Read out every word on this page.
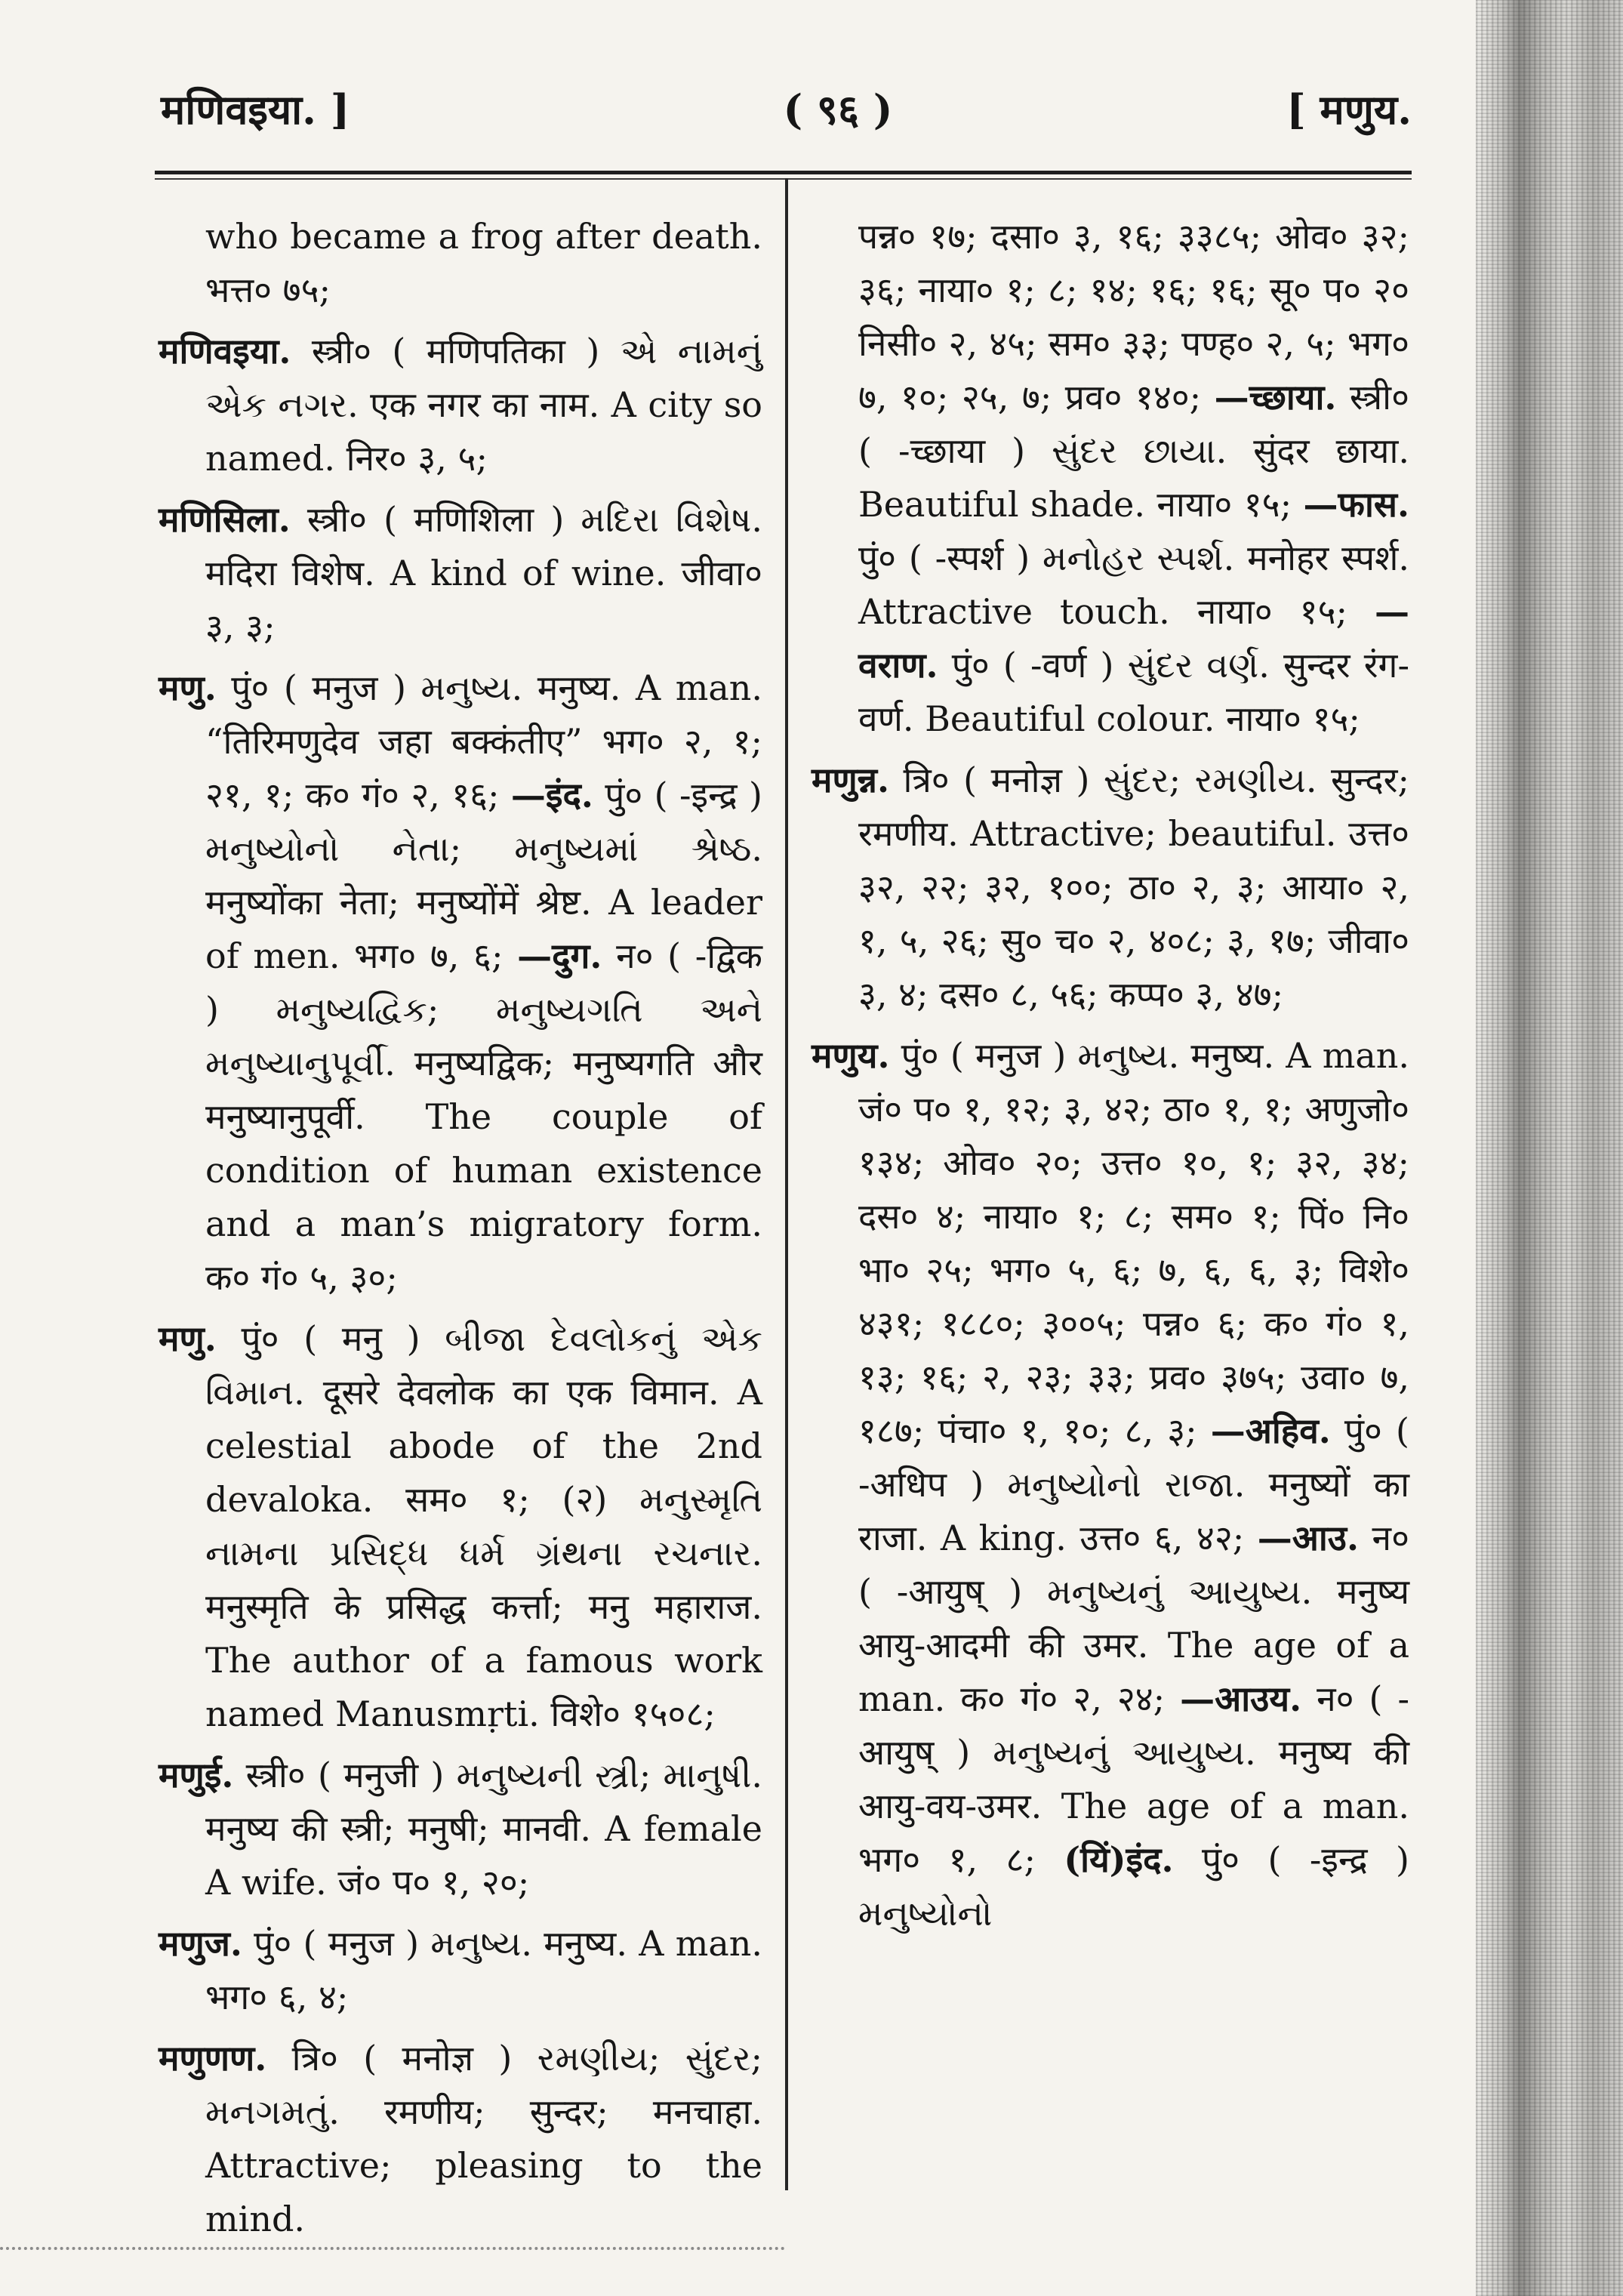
मणिवइया. ]	( ९६ )	[ मणुय.
who became a frog after death. भत्त० ७५;
मणिवइया. स्त्री० ( मणिपतिका ) એ નામનું એક નગર. एक नगर का नाम. A city so named. निर० ३, ५;
मणिसिला. स्त्री० ( मणिशिला ) મદિરા વિશેષ. मदिरा विशेष. A kind of wine. जीवा० ३, ३;
मणु. पुं० ( मनुज ) મનુષ્ય. मनुष्य. A man. “तिरिमणुदेव जहा बक्कंतीए” भग० २, १; २१, १; क० गं० २, १६; —इंद. पुं० ( -इन्द्र ) મનુષ્યોનો નેતા; મનુષ્યમાં શ્રેષ્ઠ. मनुष्योंका नेता; मनुष्योंमें श्रेष्ट. A leader of men. भग० ७, ६; —दुग. न० ( -द्विक ) મનુષ્યદ્વિક; મનુષ્યગતિ અને મનુષ્યાનુપૂર્વી. मनुष्यद्विक; मनुष्यगति और मनुष्यानुपूर्वी. The couple of condition of human existence and a man’s migratory form. क० गं० ५, ३०;
मणु. पुं० ( मनु ) બીજા દેવલોકનું એક વિમાન. दूसरे देवलोक का एक विमान. A celestial abode of the 2nd devaloka. सम० १; (२) મનુસ્મૃતિ નામના પ્રસિદ્ધ ધર્મ ગ્રંથના રચનાર. मनुस्मृति के प्रसिद्ध कर्त्ता; मनु महाराज. The author of a famous work named Manusmṛti. विशे० १५०८;
मणुई. स्त्री० ( मनुजी ) મનુષ્યની સ્ત્રી; માનુષી. मनुष्य की स्त्री; मनुषी; मानवी. A female A wife. जं० प० १, २०;
मणुज. पुं० ( मनुज ) મનુષ્ય. मनुष्य. A man. भग० ६, ४;
मणुणण. त्रि० ( मनोज्ञ ) રમણીય; સુંદર; મનગમતું. रमणीय; सुन्दर; मनचाहा. Attractive; pleasing to the mind.
पन्न० १७; दसा० ३, १६; ३३८५; ओव० ३२; ३६; नाया० १; ८; १४; १६; १६; सू० प० २० निसी० २, ४५; सम० ३३; पण्ह० २, ५; भग० ७, १०; २५, ७; प्रव० १४०; —च्छाया. स्त्री० ( -च्छाया ) સુંદર છાયા. सुंदर छाया. Beautiful shade. नाया० १५; —फास. पुं० ( -स्पर्श ) મનોહર સ્પર્શ. मनोहर स्पर्श. Attractive touch. नाया० १५; —वराण. पुं० ( -वर्ण ) સુંદર વર્ણ. सुन्दर रंग-वर्ण. Beautiful colour. नाया० १५;
मणुन्न. त्रि० ( मनोज्ञ ) સુંદર; રમણીય. सुन्दर; रमणीय. Attractive; beautiful. उत्त० ३२, २२; ३२, १००; ठा० २, ३; आया० २, १, ५, २६; सु० च० २, ४०८; ३, १७; जीवा० ३, ४; दस० ८, ५६; कप्प० ३, ४७;
मणुय. पुं० ( मनुज ) મનુષ્ય. मनुष्य. A man. जं० प० १, १२; ३, ४२; ठा० १, १; अणुजो० १३४; ओव० २०; उत्त० १०, १; ३२, ३४; दस० ४; नाया० १; ८; सम० १; पिं० नि० भा० २५; भग० ५, ६; ७, ६, ६, ३; विशे० ४३१; १८८०; ३००५; पन्न० ६; क० गं० १, १३; १६; २, २३; ३३; प्रव० ३७५; उवा० ७, १८७; पंचा० १, १०; ८, ३; —अहिव. पुं० ( -अधिप ) મનુષ્યોનો રાજા. मनुष्यों का राजा. A king. उत्त० ६, ४२; —आउ. न० ( -आयुष् ) મનુષ્યનું આયુષ્ય. मनुष्य आयु-आदमी की उमर. The age of a man. क० गं० २, २४; —आउय. न० ( -आयुष् ) મનુષ્યનું આયુષ્ય. मनुष्य की आयु-वय-उमर. The age of a man. भग० १, ८; (यिं)इंद. पुं० ( -इन्द्र ) મનુષ્યોનો
